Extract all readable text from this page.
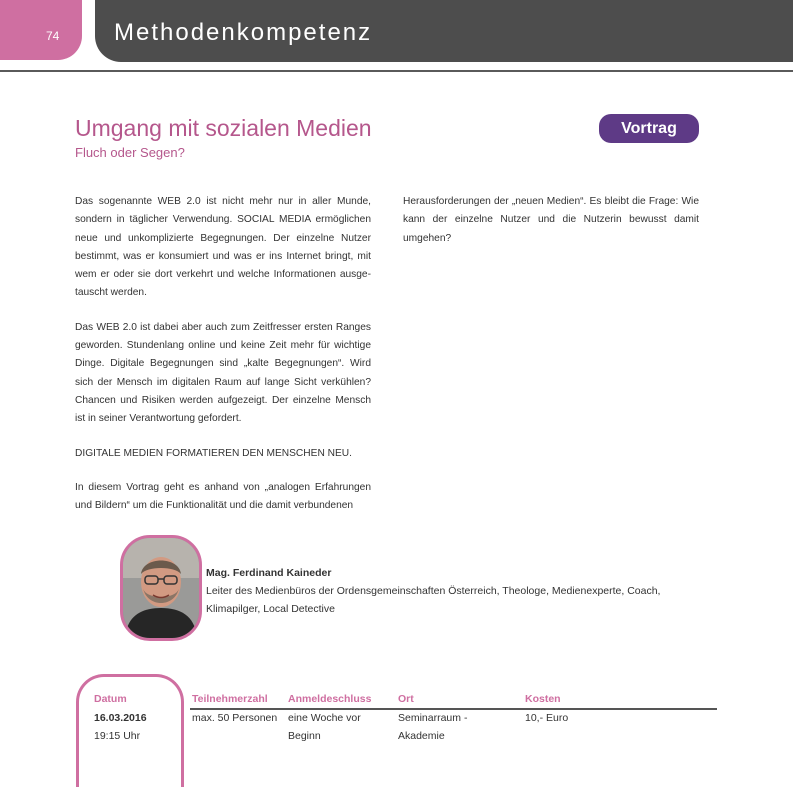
74 Methodenkompetenz
Umgang mit sozialen Medien
Fluch oder Segen?
Vortrag

Das sogenannte WEB 2.0 ist nicht mehr nur in aller Munde, sondern in täglicher Verwendung. SOCIAL MEDIA ermöglichen neue und unkomplizierte Begegnungen. Der einzelne Nutzer bestimmt, was er konsumiert und was er ins Internet bringt, mit wem er oder sie dort verkehrt und welche Informationen ausge-tauscht werden.

Das WEB 2.0 ist dabei aber auch zum Zeitfresser ersten Ranges geworden. Stundenlang online und keine Zeit mehr für wichtige Dinge. Digitale Begegnungen sind „kalte Begegnungen“. Wird sich der Mensch im digitalen Raum auf lange Sicht verkühlen? Chancen und Risiken werden aufgezeigt. Der einzelne Mensch ist in seiner Verantwortung gefordert.

DIGITALE MEDIEN FORMATIEREN DEN MENSCHEN NEU.

In diesem Vortrag geht es anhand von „analogen Erfahrungen und Bildern“ um die Funktionalität und die damit verbundenen

Herausforderungen der „neuen Medien“. Es bleibt die Frage: Wie kann der einzelne Nutzer und die Nutzerin bewusst damit umgehen?

Mag. Ferdinand Kaineder
Leiter des Medienbüros der Ordensgemeinschaften Österreich, Theologe, Medienexperte, Coach, Klimapilger, Local Detective
Datum
16.03.2016
19:15 Uhr
Teilnehmerzahl
max. 50 Personen
Anmeldeschluss
eine Woche vor Beginn
Ort
Seminarraum - Akademie
Kosten
10,- Euro
